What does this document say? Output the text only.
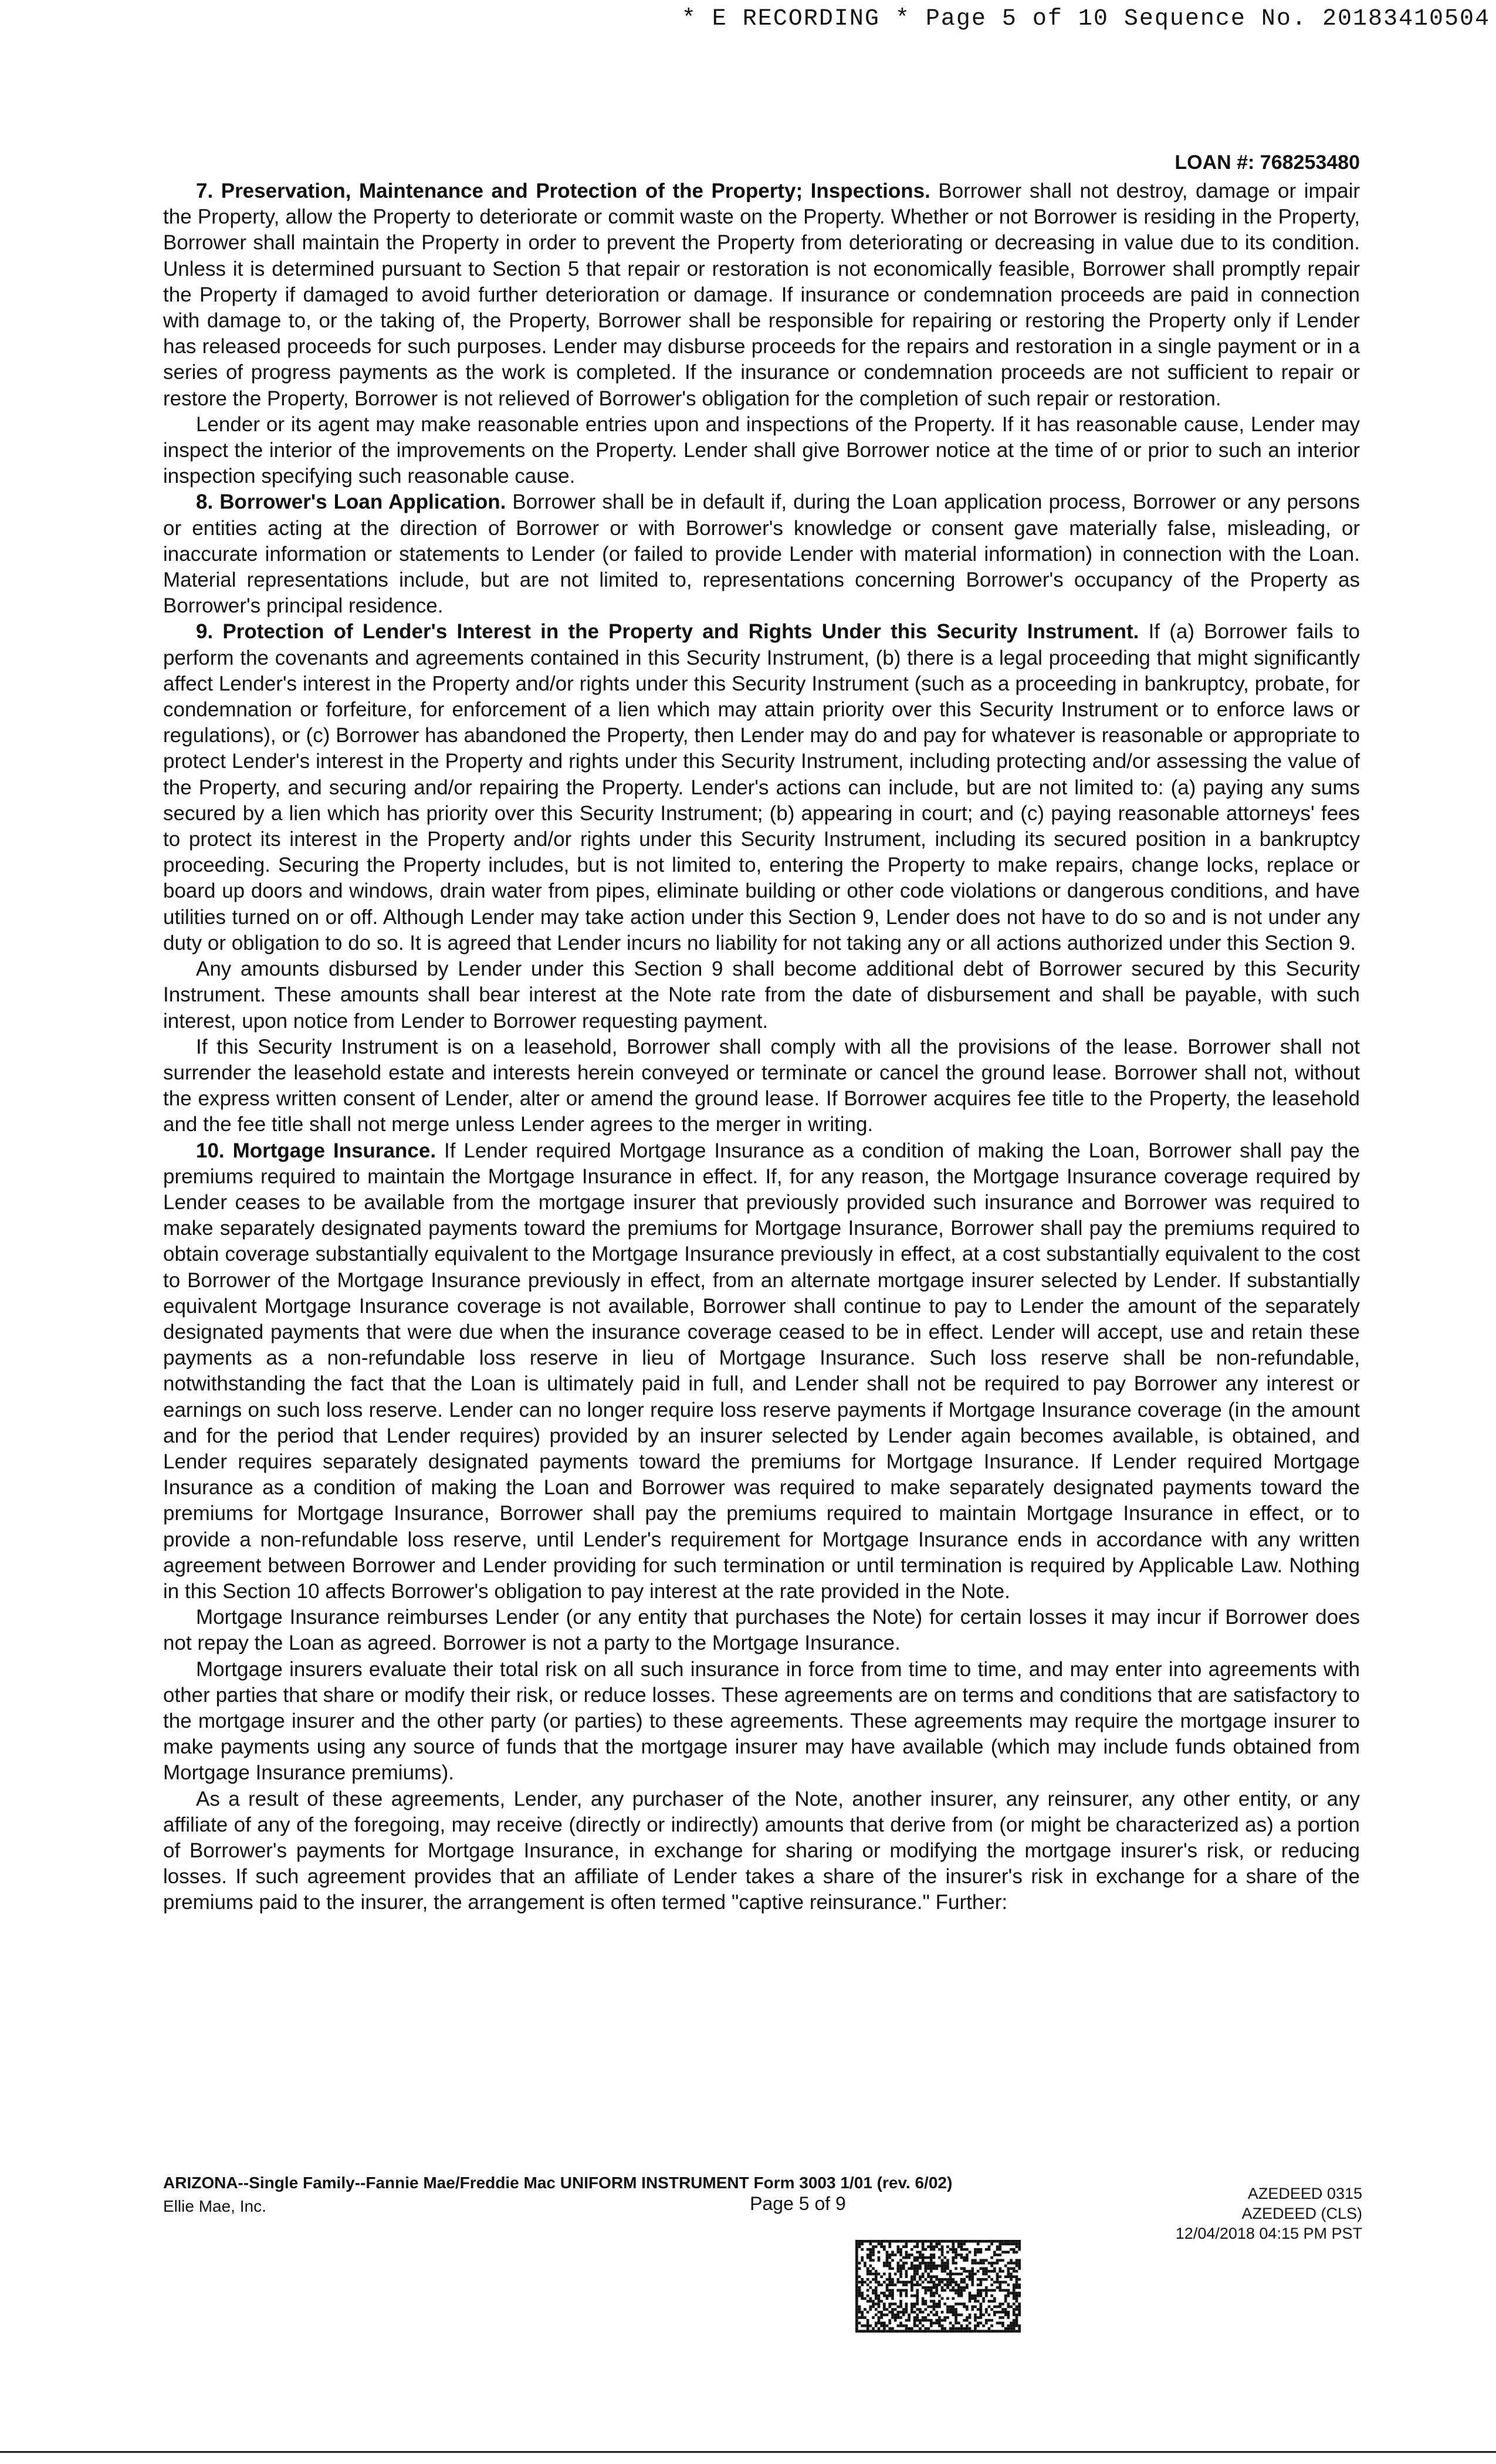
* E RECORDING * Page 5 of 10 Sequence No. 20183410504
LOAN #: 768253480

7. Preservation, Maintenance and Protection of the Property; Inspections. Borrower shall not destroy, damage or impair the Property, allow the Property to deteriorate or commit waste on the Property. Whether or not Borrower is residing in the Property, Borrower shall maintain the Property in order to prevent the Property from deteriorating or decreasing in value due to its condition. Unless it is determined pursuant to Section 5 that repair or restoration is not economically feasible, Borrower shall promptly repair the Property if damaged to avoid further deterioration or damage. If insurance or condemnation proceeds are paid in connection with damage to, or the taking of, the Property, Borrower shall be responsible for repairing or restoring the Property only if Lender has released proceeds for such purposes. Lender may disburse proceeds for the repairs and restoration in a single payment or in a series of progress payments as the work is completed. If the insurance or condemnation proceeds are not sufficient to repair or restore the Property, Borrower is not relieved of Borrower's obligation for the completion of such repair or restoration.

Lender or its agent may make reasonable entries upon and inspections of the Property. If it has reasonable cause, Lender may inspect the interior of the improvements on the Property. Lender shall give Borrower notice at the time of or prior to such an interior inspection specifying such reasonable cause.

8. Borrower's Loan Application. Borrower shall be in default if, during the Loan application process, Borrower or any persons or entities acting at the direction of Borrower or with Borrower's knowledge or consent gave materially false, misleading, or inaccurate information or statements to Lender (or failed to provide Lender with material information) in connection with the Loan. Material representations include, but are not limited to, representations concerning Borrower's occupancy of the Property as Borrower's principal residence.

9. Protection of Lender's Interest in the Property and Rights Under this Security Instrument. If (a) Borrower fails to perform the covenants and agreements contained in this Security Instrument, (b) there is a legal proceeding that might significantly affect Lender's interest in the Property and/or rights under this Security Instrument (such as a proceeding in bankruptcy, probate, for condemnation or forfeiture, for enforcement of a lien which may attain priority over this Security Instrument or to enforce laws or regulations), or (c) Borrower has abandoned the Property, then Lender may do and pay for whatever is reasonable or appropriate to protect Lender's interest in the Property and rights under this Security Instrument, including protecting and/or assessing the value of the Property, and securing and/or repairing the Property. Lender's actions can include, but are not limited to: (a) paying any sums secured by a lien which has priority over this Security Instrument; (b) appearing in court; and (c) paying reasonable attorneys' fees to protect its interest in the Property and/or rights under this Security Instrument, including its secured position in a bankruptcy proceeding. Securing the Property includes, but is not limited to, entering the Property to make repairs, change locks, replace or board up doors and windows, drain water from pipes, eliminate building or other code violations or dangerous conditions, and have utilities turned on or off. Although Lender may take action under this Section 9, Lender does not have to do so and is not under any duty or obligation to do so. It is agreed that Lender incurs no liability for not taking any or all actions authorized under this Section 9.

Any amounts disbursed by Lender under this Section 9 shall become additional debt of Borrower secured by this Security Instrument. These amounts shall bear interest at the Note rate from the date of disbursement and shall be payable, with such interest, upon notice from Lender to Borrower requesting payment.

If this Security Instrument is on a leasehold, Borrower shall comply with all the provisions of the lease. Borrower shall not surrender the leasehold estate and interests herein conveyed or terminate or cancel the ground lease. Borrower shall not, without the express written consent of Lender, alter or amend the ground lease. If Borrower acquires fee title to the Property, the leasehold and the fee title shall not merge unless Lender agrees to the merger in writing.

10. Mortgage Insurance. If Lender required Mortgage Insurance as a condition of making the Loan, Borrower shall pay the premiums required to maintain the Mortgage Insurance in effect. If, for any reason, the Mortgage Insurance coverage required by Lender ceases to be available from the mortgage insurer that previously provided such insurance and Borrower was required to make separately designated payments toward the premiums for Mortgage Insurance, Borrower shall pay the premiums required to obtain coverage substantially equivalent to the Mortgage Insurance previously in effect, at a cost substantially equivalent to the cost to Borrower of the Mortgage Insurance previously in effect, from an alternate mortgage insurer selected by Lender. If substantially equivalent Mortgage Insurance coverage is not available, Borrower shall continue to pay to Lender the amount of the separately designated payments that were due when the insurance coverage ceased to be in effect. Lender will accept, use and retain these payments as a non-refundable loss reserve in lieu of Mortgage Insurance. Such loss reserve shall be non-refundable, notwithstanding the fact that the Loan is ultimately paid in full, and Lender shall not be required to pay Borrower any interest or earnings on such loss reserve. Lender can no longer require loss reserve payments if Mortgage Insurance coverage (in the amount and for the period that Lender requires) provided by an insurer selected by Lender again becomes available, is obtained, and Lender requires separately designated payments toward the premiums for Mortgage Insurance. If Lender required Mortgage Insurance as a condition of making the Loan and Borrower was required to make separately designated payments toward the premiums for Mortgage Insurance, Borrower shall pay the premiums required to maintain Mortgage Insurance in effect, or to provide a non-refundable loss reserve, until Lender's requirement for Mortgage Insurance ends in accordance with any written agreement between Borrower and Lender providing for such termination or until termination is required by Applicable Law. Nothing in this Section 10 affects Borrower's obligation to pay interest at the rate provided in the Note.

Mortgage Insurance reimburses Lender (or any entity that purchases the Note) for certain losses it may incur if Borrower does not repay the Loan as agreed. Borrower is not a party to the Mortgage Insurance.

Mortgage insurers evaluate their total risk on all such insurance in force from time to time, and may enter into agreements with other parties that share or modify their risk, or reduce losses. These agreements are on terms and conditions that are satisfactory to the mortgage insurer and the other party (or parties) to these agreements. These agreements may require the mortgage insurer to make payments using any source of funds that the mortgage insurer may have available (which may include funds obtained from Mortgage Insurance premiums).

As a result of these agreements, Lender, any purchaser of the Note, another insurer, any reinsurer, any other entity, or any affiliate of any of the foregoing, may receive (directly or indirectly) amounts that derive from (or might be characterized as) a portion of Borrower's payments for Mortgage Insurance, in exchange for sharing or modifying the mortgage insurer's risk, or reducing losses. If such agreement provides that an affiliate of Lender takes a share of the insurer's risk in exchange for a share of the premiums paid to the insurer, the arrangement is often termed "captive reinsurance." Further:

ARIZONA--Single Family--Fannie Mae/Freddie Mac UNIFORM INSTRUMENT Form 3003 1/01 (rev. 6/02)
Ellie Mae, Inc.	Page 5 of 9	AZEDEED 0315
AZEDEED (CLS)
12/04/2018 04:15 PM PST
